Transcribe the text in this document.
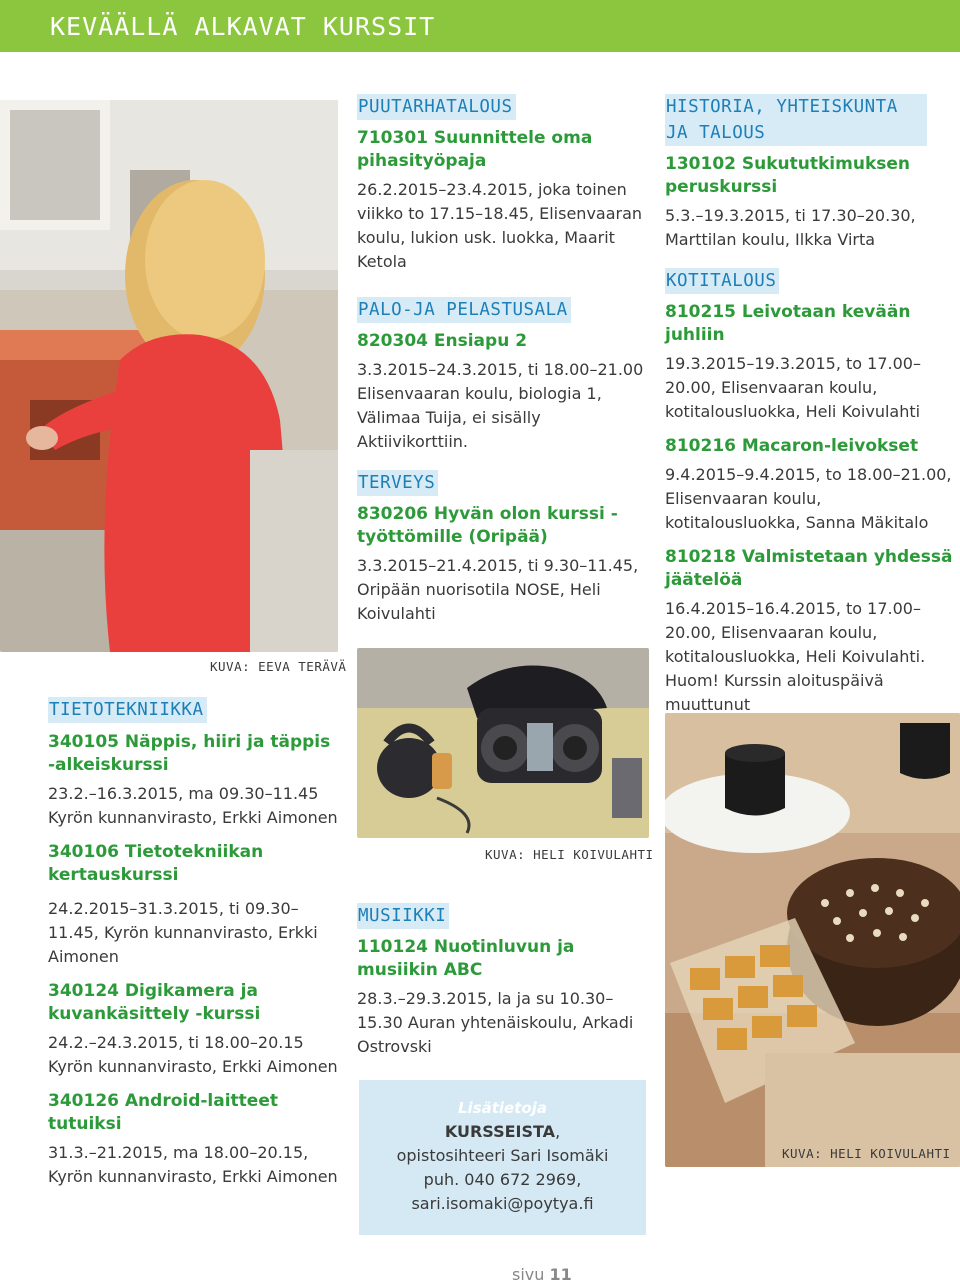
KEVÄÄLLÄ ALKAVAT KURSSIT
KUVA: EEVA TERÄVÄ
KUVA: HELI KOIVULAHTI
KUVA: HELI KOIVULAHTI
TIETOTEKNIIKKA
340105 Näppis, hiiri ja täppis -alkeiskurssi
23.2.–16.3.2015, ma 09.30–11.45 Kyrön kunnanvirasto, Erkki Aimonen
340106 Tietotekniikan kertauskurssi
24.2.2015–31.3.2015, ti 09.30–11.45, Kyrön kunnanvirasto, Erkki Aimonen
340124 Digikamera ja kuvankäsittely -kurssi
24.2.–24.3.2015, ti 18.00–20.15 Kyrön kunnanvirasto, Erkki Aimonen
340126 Android-laitteet tutuiksi
31.3.–21.2015, ma 18.00–20.15, Kyrön kunnanvirasto, Erkki Aimonen
PUUTARHATALOUS
710301 Suunnittele oma pihasityöpaja
26.2.2015–23.4.2015, joka toinen viikko to 17.15–18.45, Elisenvaaran koulu, lukion usk. luokka, Maarit Ketola
PALO-JA PELASTUSALA
820304 Ensiapu 2
3.3.2015–24.3.2015, ti 18.00–21.00 Elisenvaaran koulu, biologia 1, Välimaa Tuija, ei sisälly Aktiivikorttiin.
TERVEYS
830206 Hyvän olon kurssi - työttömille (Oripää)
3.3.2015–21.4.2015, ti 9.30–11.45, Oripään nuorisotila NOSE, Heli Koivulahti
MUSIIKKI
110124 Nuotinluvun ja musiikin ABC
28.3.–29.3.2015, la ja su 10.30–15.30 Auran yhtenäiskoulu, Arkadi Ostrovski
HISTORIA, YHTEISKUNTA JA TALOUS
130102 Sukututkimuksen peruskurssi
5.3.–19.3.2015, ti 17.30–20.30, Marttilan koulu, Ilkka Virta
KOTITALOUS
810215 Leivotaan kevään juhliin
19.3.2015–19.3.2015, to 17.00–20.00, Elisenvaaran koulu, kotitalousluokka, Heli Koivulahti
810216 Macaron-leivokset
9.4.2015–9.4.2015, to 18.00–21.00, Elisenvaaran koulu, kotitalousluokka, Sanna Mäkitalo
810218 Valmistetaan yhdessä jäätelöä
16.4.2015–16.4.2015, to 17.00–20.00, Elisenvaaran koulu, kotitalousluokka, Heli Koivulahti. Huom! Kurssin aloituspäivä muuttunut
Lisätietoja
KURSSEISTA,
opistosihteeri Sari Isomäki
puh. 040 672 2969,
sari.isomaki@poytya.fi
sivu 11
